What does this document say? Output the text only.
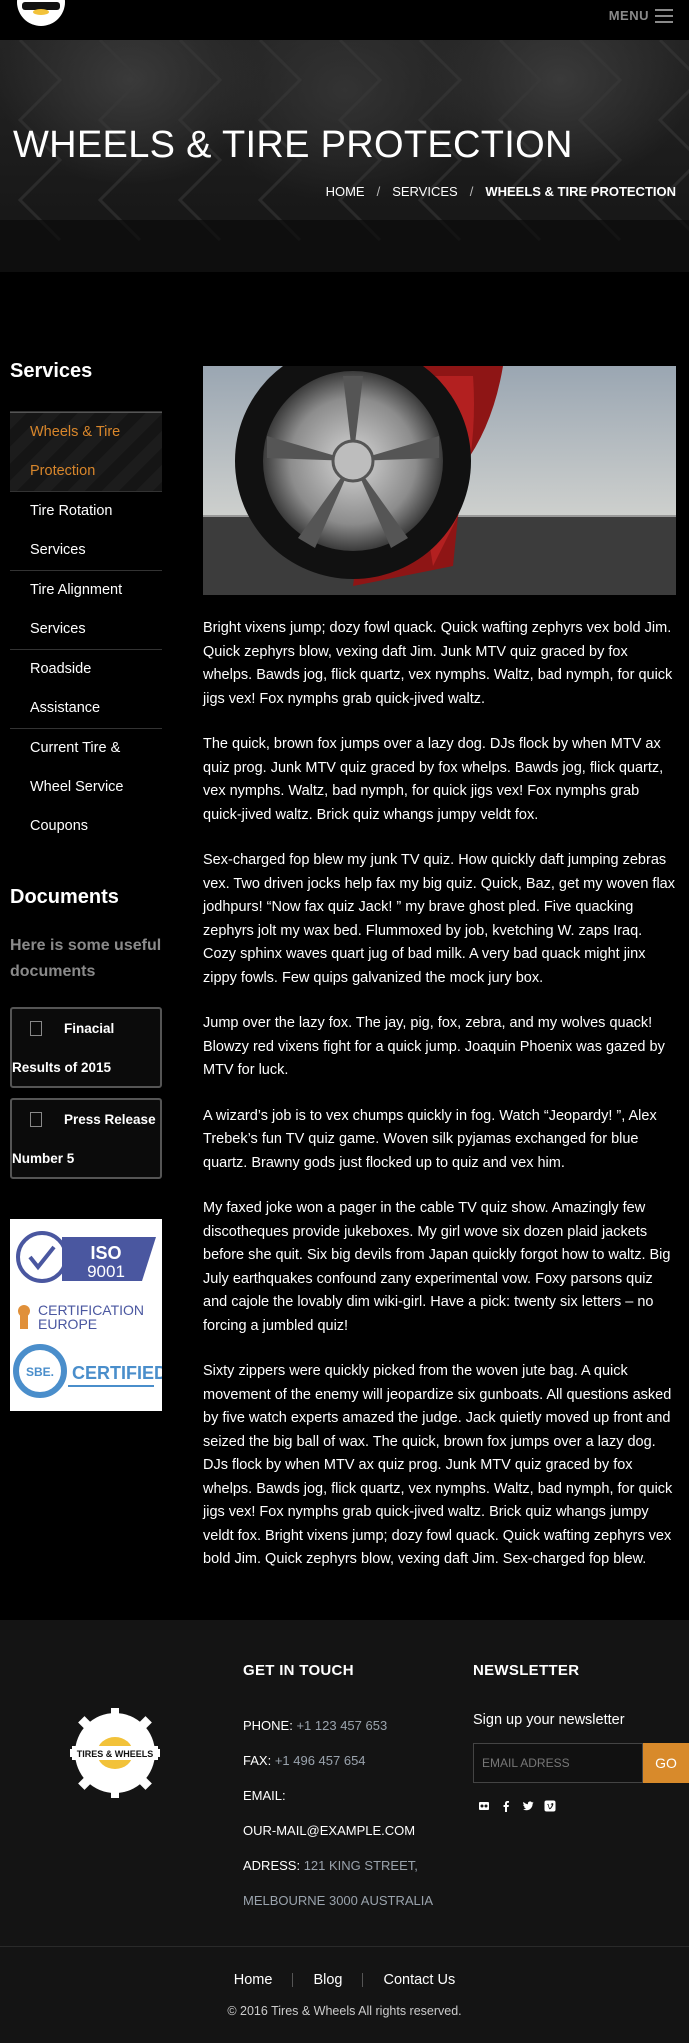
MENU
WHEELS & TIRE PROTECTION
HOME / SERVICES / WHEELS & TIRE PROTECTION
Services
Wheels & Tire
Protection
Tire Rotation
Services
Tire Alignment
Services
Roadside Assistance
Current Tire &
Wheel Service
Coupons
Documents
Here is some useful documents
Finacial
Results of 2015
Press Release
Number 5
ISO
9001
CERTIFICATION
EUROPE
SBE. CERTIFIED

Bright vixens jump; dozy fowl quack. Quick wafting zephyrs vex bold Jim. Quick zephyrs blow, vexing daft Jim. Junk MTV quiz graced by fox whelps. Bawds jog, flick quartz, vex nymphs. Waltz, bad nymph, for quick jigs vex! Fox nymphs grab quick-jived waltz.

The quick, brown fox jumps over a lazy dog. DJs flock by when MTV ax quiz prog. Junk MTV quiz graced by fox whelps. Bawds jog, flick quartz, vex nymphs. Waltz, bad nymph, for quick jigs vex! Fox nymphs grab quick-jived waltz. Brick quiz whangs jumpy veldt fox.

Sex-charged fop blew my junk TV quiz. How quickly daft jumping zebras vex. Two driven jocks help fax my big quiz. Quick, Baz, get my woven flax jodhpurs! “Now fax quiz Jack! ” my brave ghost pled. Five quacking zephyrs jolt my wax bed. Flummoxed by job, kvetching W. zaps Iraq. Cozy sphinx waves quart jug of bad milk. A very bad quack might jinx zippy fowls. Few quips galvanized the mock jury box.

Jump over the lazy fox. The jay, pig, fox, zebra, and my wolves quack! Blowzy red vixens fight for a quick jump. Joaquin Phoenix was gazed by MTV for luck.

A wizard’s job is to vex chumps quickly in fog. Watch “Jeopardy! ”, Alex Trebek’s fun TV quiz game. Woven silk pyjamas exchanged for blue quartz. Brawny gods just flocked up to quiz and vex him.

My faxed joke won a pager in the cable TV quiz show. Amazingly few discotheques provide jukeboxes. My girl wove six dozen plaid jackets before she quit. Six big devils from Japan quickly forgot how to waltz. Big July earthquakes confound zany experimental vow. Foxy parsons quiz and cajole the lovably dim wiki-girl. Have a pick: twenty six letters – no forcing a jumbled quiz!

Sixty zippers were quickly picked from the woven jute bag. A quick movement of the enemy will jeopardize six gunboats. All questions asked by five watch experts amazed the judge. Jack quietly moved up front and seized the big ball of wax. The quick, brown fox jumps over a lazy dog. DJs flock by when MTV ax quiz prog. Junk MTV quiz graced by fox whelps. Bawds jog, flick quartz, vex nymphs. Waltz, bad nymph, for quick jigs vex! Fox nymphs grab quick-jived waltz. Brick quiz whangs jumpy veldt fox. Bright vixens jump; dozy fowl quack. Quick wafting zephyrs vex bold Jim. Quick zephyrs blow, vexing daft Jim. Sex-charged fop blew.

TIRES & WHEELS
GET IN TOUCH
PHONE: +1 123 457 653
FAX: +1 496 457 654
EMAIL:
OUR-MAIL@EXAMPLE.COM
ADRESS: 121 KING STREET,
MELBOURNE 3000 AUSTRALIA
NEWSLETTER
Sign up your newsletter
EMAIL ADRESS	GO
Home	Blog	Contact Us
© 2016 Tires & Wheels All rights reserved.
